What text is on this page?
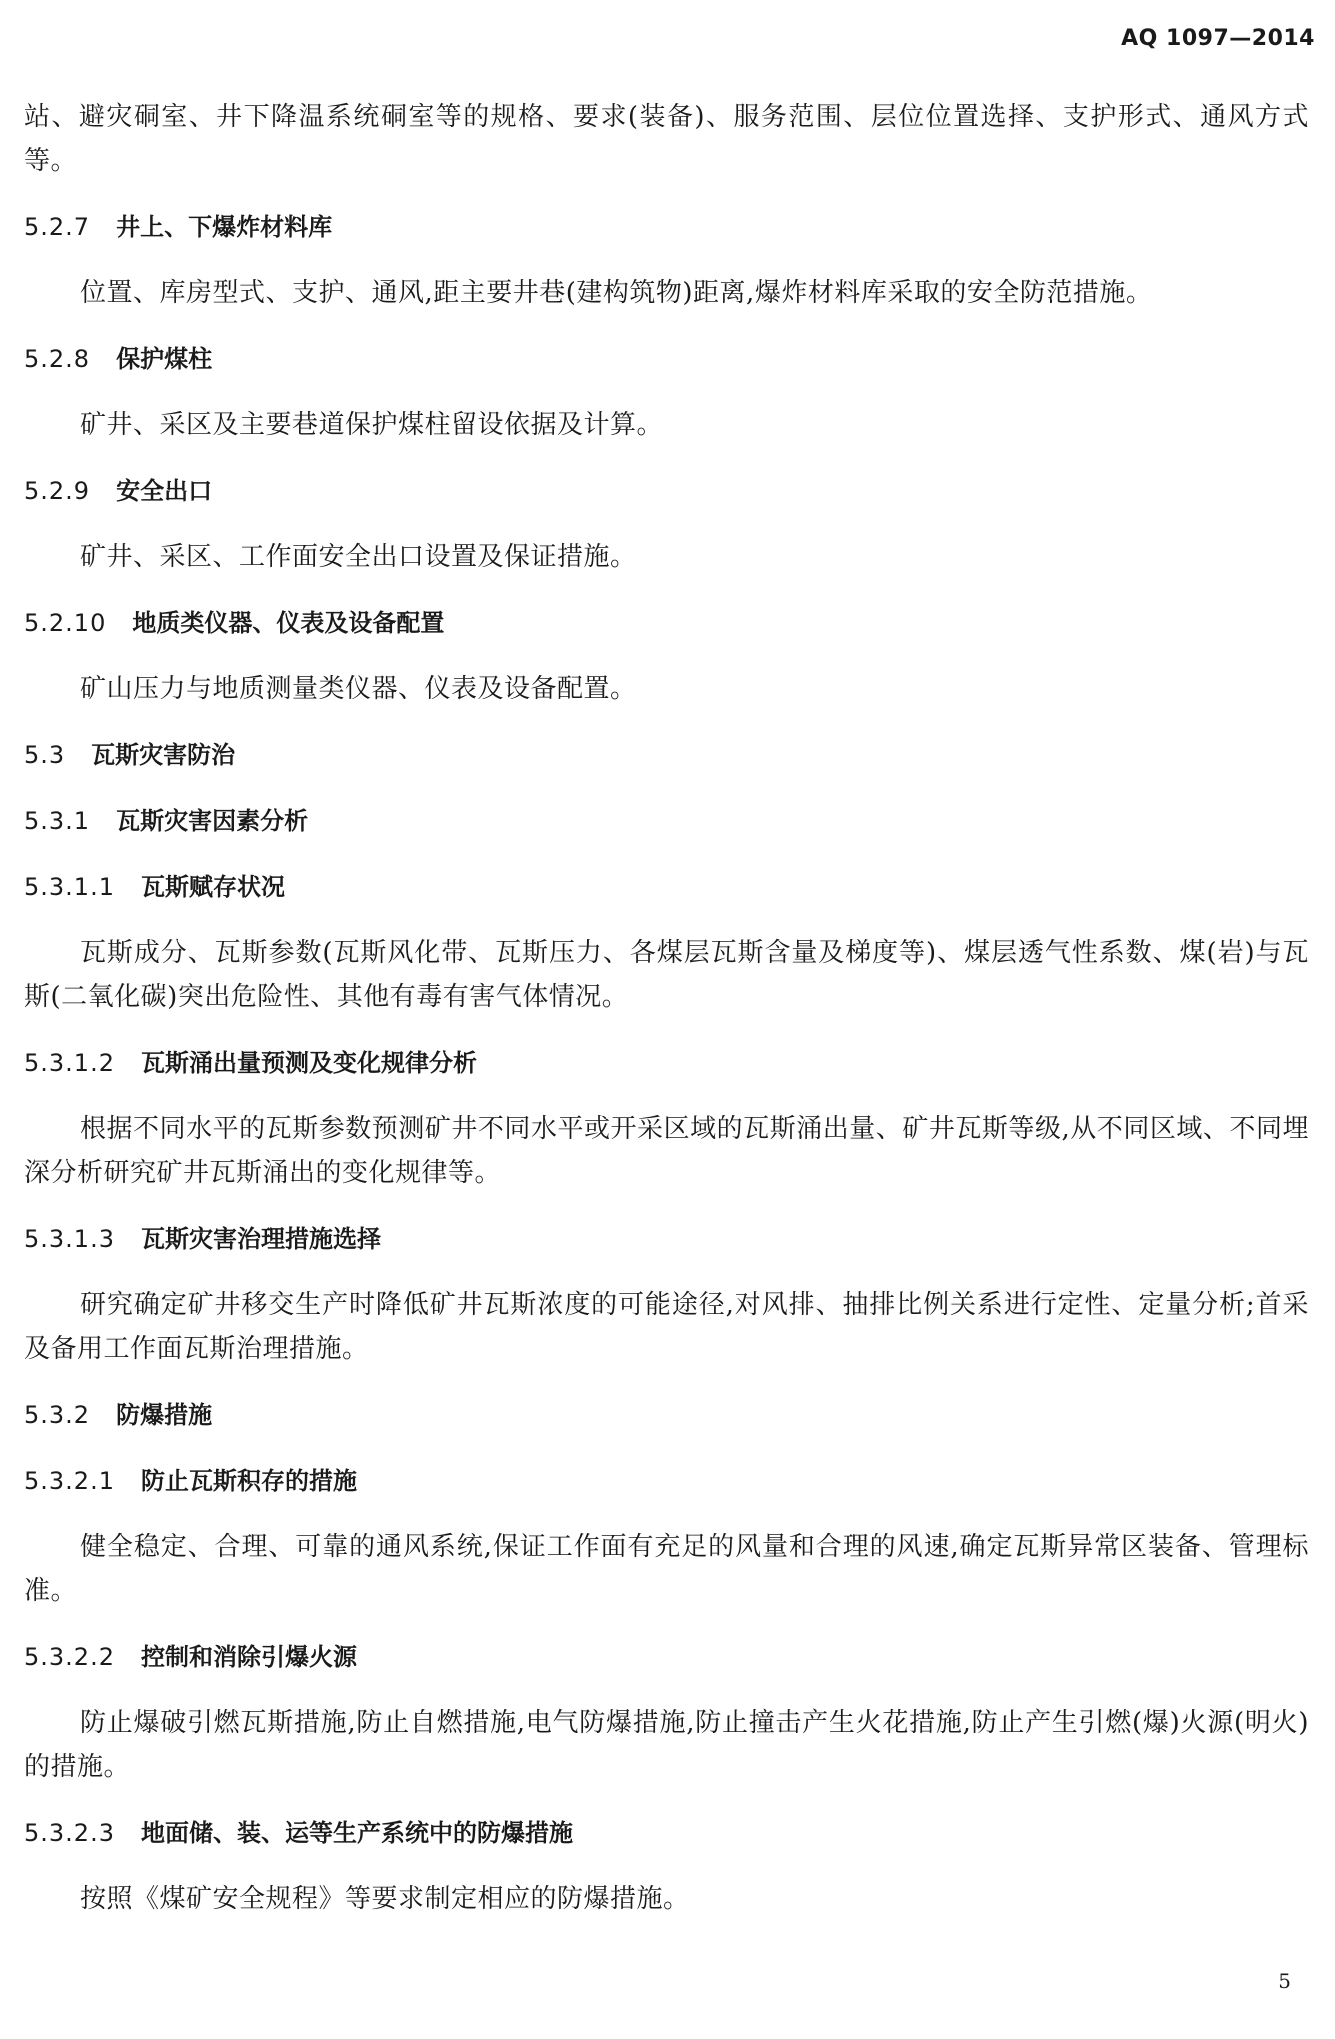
AQ 1097—2014

站、避灾硐室、井下降温系统硐室等的规格、要求(装备)、服务范围、层位位置选择、支护形式、通风方式等。

5.2.7 井上、下爆炸材料库

位置、库房型式、支护、通风,距主要井巷(建构筑物)距离,爆炸材料库采取的安全防范措施。

5.2.8 保护煤柱

矿井、采区及主要巷道保护煤柱留设依据及计算。

5.2.9 安全出口

矿井、采区、工作面安全出口设置及保证措施。

5.2.10 地质类仪器、仪表及设备配置

矿山压力与地质测量类仪器、仪表及设备配置。

5.3 瓦斯灾害防治
5.3.1 瓦斯灾害因素分析
5.3.1.1 瓦斯赋存状况

瓦斯成分、瓦斯参数(瓦斯风化带、瓦斯压力、各煤层瓦斯含量及梯度等)、煤层透气性系数、煤(岩)与瓦斯(二氧化碳)突出危险性、其他有毒有害气体情况。

5.3.1.2 瓦斯涌出量预测及变化规律分析

根据不同水平的瓦斯参数预测矿井不同水平或开采区域的瓦斯涌出量、矿井瓦斯等级,从不同区域、不同埋深分析研究矿井瓦斯涌出的变化规律等。

5.3.1.3 瓦斯灾害治理措施选择

研究确定矿井移交生产时降低矿井瓦斯浓度的可能途径,对风排、抽排比例关系进行定性、定量分析;首采及备用工作面瓦斯治理措施。

5.3.2 防爆措施
5.3.2.1 防止瓦斯积存的措施

健全稳定、合理、可靠的通风系统,保证工作面有充足的风量和合理的风速,确定瓦斯异常区装备、管理标准。

5.3.2.2 控制和消除引爆火源

防止爆破引燃瓦斯措施,防止自燃措施,电气防爆措施,防止撞击产生火花措施,防止产生引燃(爆)火源(明火)的措施。

5.3.2.3 地面储、装、运等生产系统中的防爆措施

按照《煤矿安全规程》等要求制定相应的防爆措施。

5
